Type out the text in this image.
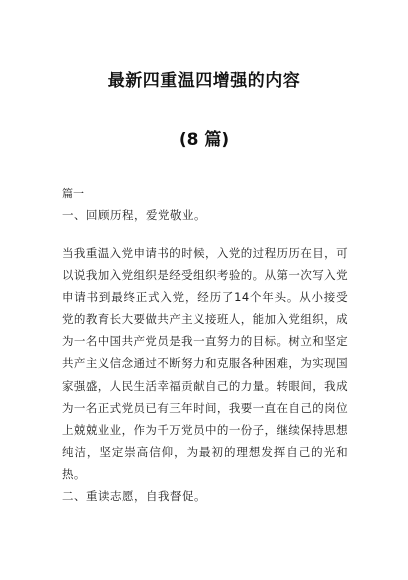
最新四重温四增强的内容
(8 篇)

篇一

一、回顾历程，爱党敬业。

当我重温入党申请书的时候，入党的过程历历在目，可以说我加入党组织是经受组织考验的。从第一次写入党申请书到最终正式入党，经历了14个年头。从小接受党的教育长大要做共产主义接班人，能加入党组织，成为一名中国共产党员是我一直努力的目标。树立和坚定共产主义信念通过不断努力和克服各种困难，为实现国家强盛，人民生活幸福贡献自己的力量。转眼间，我成为一名正式党员已有三年时间，我要一直在自己的岗位上兢兢业业，作为千万党员中的一份子，继续保持思想纯洁，坚定崇高信仰，为最初的理想发挥自己的光和热。

二、重读志愿，自我督促。
